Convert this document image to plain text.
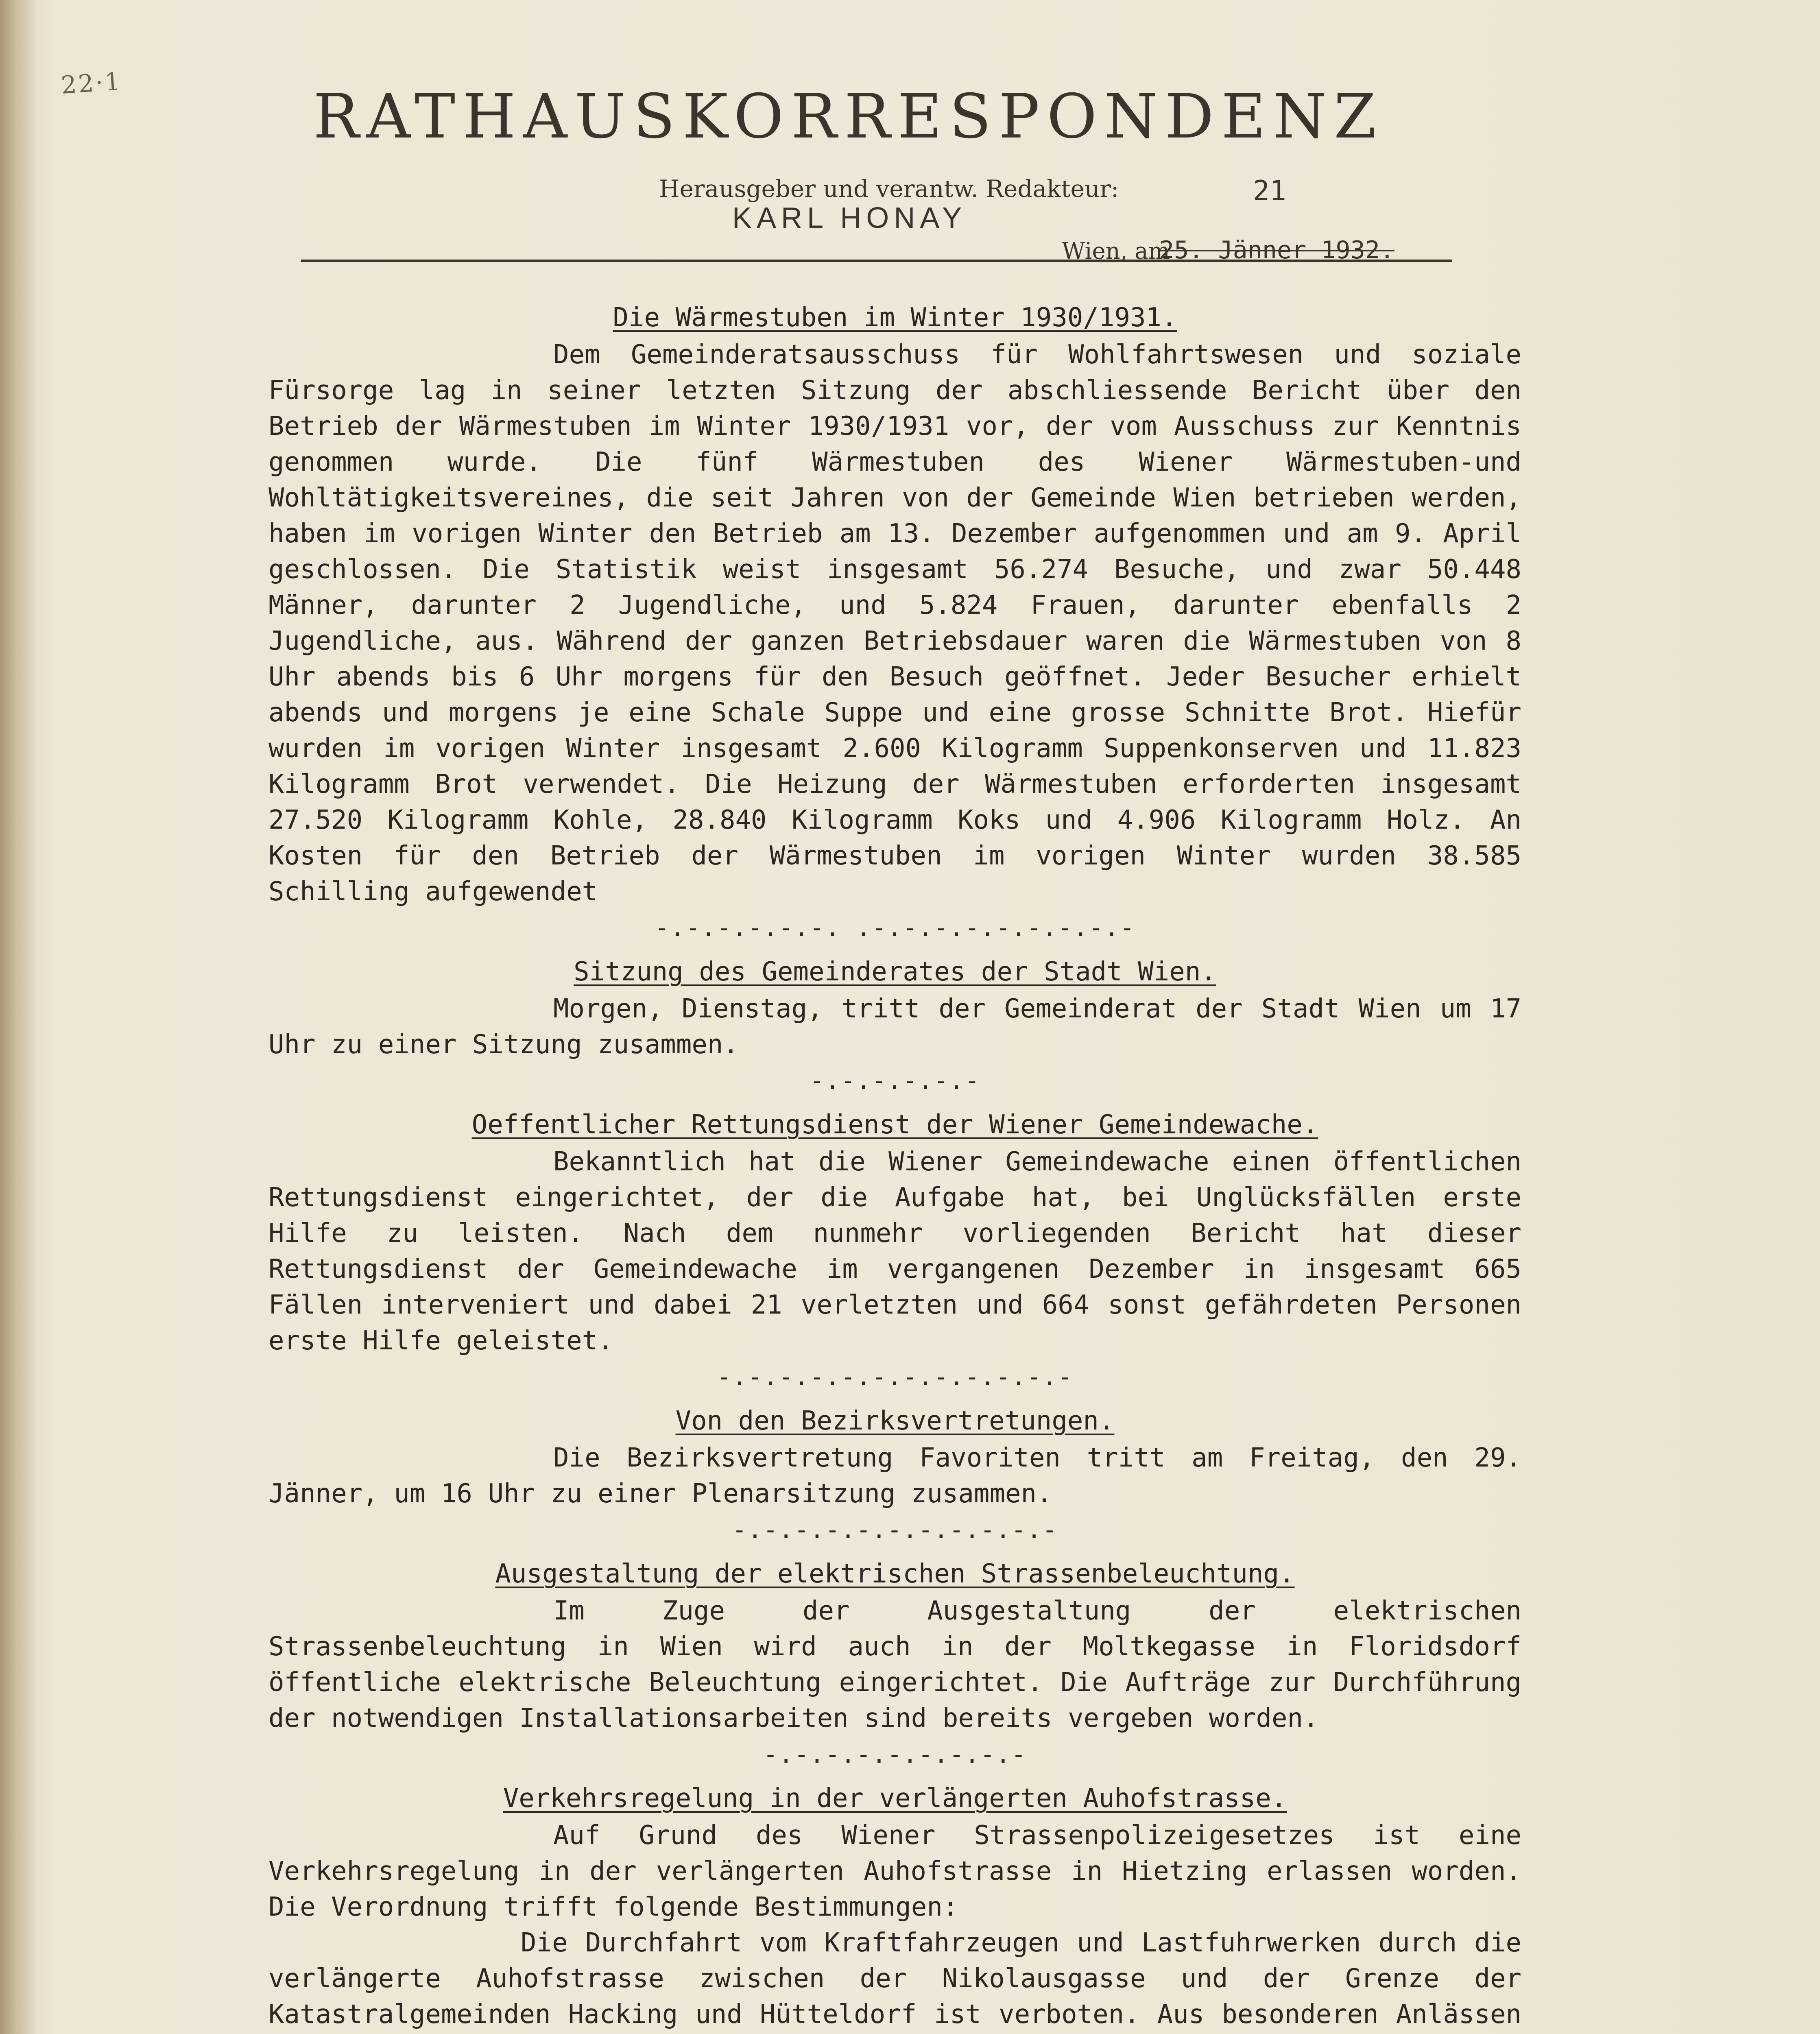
22·1	RATHAUSKORRESPONDENZ
Herausgeber und verantw. Redakteur:
KARL HONAY
21
Wien, am
25. Jänner 1932.
Die Wärmestuben im Winter 1930/1931.

Dem Gemeinderatsausschuss für Wohlfahrtswesen und soziale Fürsorge lag in seiner letzten Sitzung der abschliessende Bericht über den Betrieb der Wärmestuben im Winter 1930/1931 vor, der vom Ausschuss zur Kenntnis genommen wurde. Die fünf Wärmestuben des Wiener Wärmestuben-und Wohltätigkeitsvereines, die seit Jahren von der Gemeinde Wien betrieben werden, haben im vorigen Winter den Betrieb am 13. Dezember aufgenommen und am 9. April geschlossen. Die Statistik weist insgesamt 56.274 Besuche, und zwar 50.448 Männer, darunter 2 Jugendliche, und 5.824 Frauen, darunter ebenfalls 2 Jugendliche, aus. Während der ganzen Betriebsdauer waren die Wärmestuben von 8 Uhr abends bis 6 Uhr morgens für den Besuch geöffnet. Jeder Besucher erhielt abends und morgens je eine Schale Suppe und eine grosse Schnitte Brot. Hiefür wurden im vorigen Winter insgesamt 2.600 Kilogramm Suppenkonserven und 11.823 Kilogramm Brot verwendet. Die Heizung der Wärmestuben erforderten insgesamt 27.520 Kilogramm Kohle, 28.840 Kilogramm Koks und 4.906 Kilogramm Holz. An Kosten für den Betrieb der Wärmestuben im vorigen Winter wurden 38.585 Schilling aufgewendet

-.-.-.-.-.-. .-.-.-.-.-.-.-.-.-
Sitzung des Gemeinderates der Stadt Wien.

Morgen, Dienstag, tritt der Gemeinderat der Stadt Wien um 17 Uhr zu einer Sitzung zusammen.

-.-.-.-.-.-
Oeffentlicher Rettungsdienst der Wiener Gemeindewache.

Bekanntlich hat die Wiener Gemeindewache einen öffentlichen Rettungsdienst eingerichtet, der die Aufgabe hat, bei Unglücksfällen erste Hilfe zu leisten. Nach dem nunmehr vorliegenden Bericht hat dieser Rettungsdienst der Gemeindewache im vergangenen Dezember in insgesamt 665 Fällen interveniert und dabei 21 verletzten und 664 sonst gefährdeten Personen erste Hilfe geleistet.

-.-.-.-.-.-.-.-.-.-.-.-
Von den Bezirksvertretungen.

Die Bezirksvertretung Favoriten tritt am Freitag, den 29. Jänner, um 16 Uhr zu einer Plenarsitzung zusammen.

-.-.-.-.-.-.-.-.-.-.-
Ausgestaltung der elektrischen Strassenbeleuchtung.

Im Zuge der Ausgestaltung der elektrischen Strassenbeleuchtung in Wien wird auch in der Moltkegasse in Floridsdorf öffentliche elektrische Beleuchtung eingerichtet. Die Aufträge zur Durchführung der notwendigen Installationsarbeiten sind bereits vergeben worden.

-.-.-.-.-.-.-.-.-
Verkehrsregelung in der verlängerten Auhofstrasse.

Auf Grund des Wiener Strassenpolizeigesetzes ist eine Verkehrsregelung in der verlängerten Auhofstrasse in Hietzing erlassen worden. Die Verordnung trifft folgende Bestimmungen:

Die Durchfahrt vom Kraftfahrzeugen und Lastfuhrwerken durch die verlängerte Auhofstrasse zwischen der Nikolausgasse und der Grenze der Katastralgemeinden Hacking und Hütteldorf ist verboten. Aus besonderen Anlässen
